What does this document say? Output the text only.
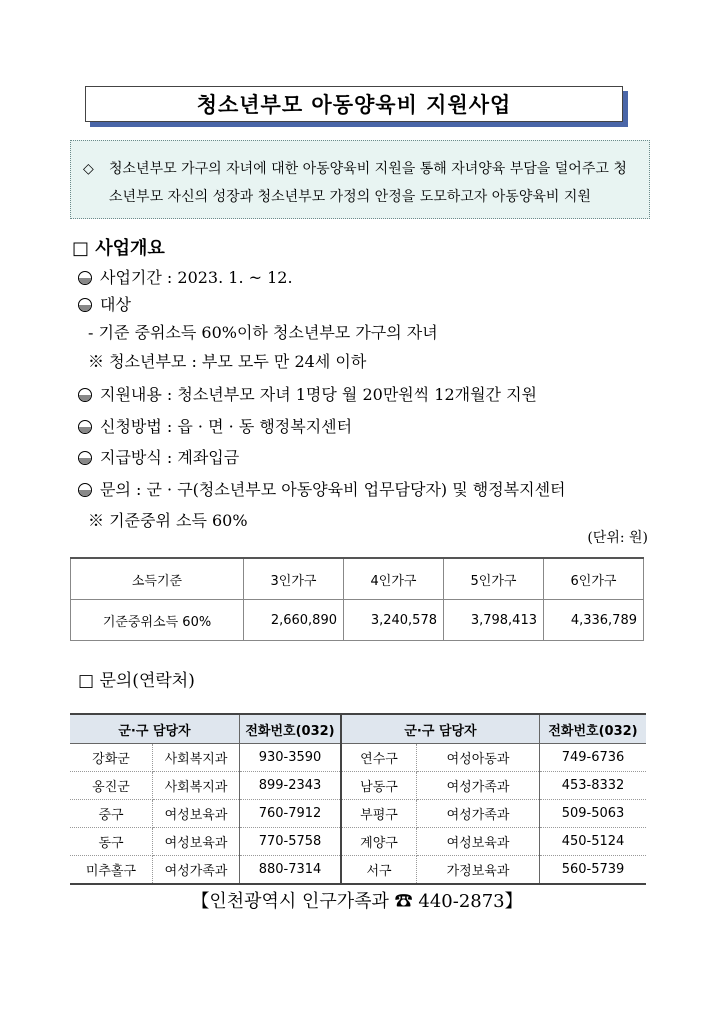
청소년부모 아동양육비 지원사업
◇ 청소년부모 가구의 자녀에 대한 아동양육비 지원을 통해 자녀양육 부담을 덜어주고 청소년부모 자신의 성장과 청소년부모 가정의 안정을 도모하고자 아동양육비 지원
□ 사업개요
사업기간 : 2023. 1. ~ 12.
대상
- 기준 중위소득 60%이하 청소년부모 가구의 자녀
※ 청소년부모 : 부모 모두 만 24세 이하
지원내용 : 청소년부모 자녀 1명당 월 20만원씩 12개월간 지원
신청방법 : 읍 · 면 · 동 행정복지센터
지급방식 : 계좌입금
문의 : 군 · 구(청소년부모 아동양육비 업무담당자) 및 행정복지센터
※ 기준중위 소득 60%
(단위: 원)
소득기준	3인가구	4인가구	5인가구	6인가구
기준중위소득 60%	2,660,890	3,240,578	3,798,413	4,336,789
□ 문의(연락처)
군·구 담당자		전화번호(032)	군·구 담당자		전화번호(032)
강화군	사회복지과	930-3590	연수구	여성아동과	749-6736
옹진군	사회복지과	899-2343	남동구	여성가족과	453-8332
중구	여성보육과	760-7912	부평구	여성가족과	509-5063
동구	여성보육과	770-5758	계양구	여성보육과	450-5124
미추홀구	여성가족과	880-7314	서구	가정보육과	560-5739
【인천광역시 인구가족과 ☎ 440-2873】
